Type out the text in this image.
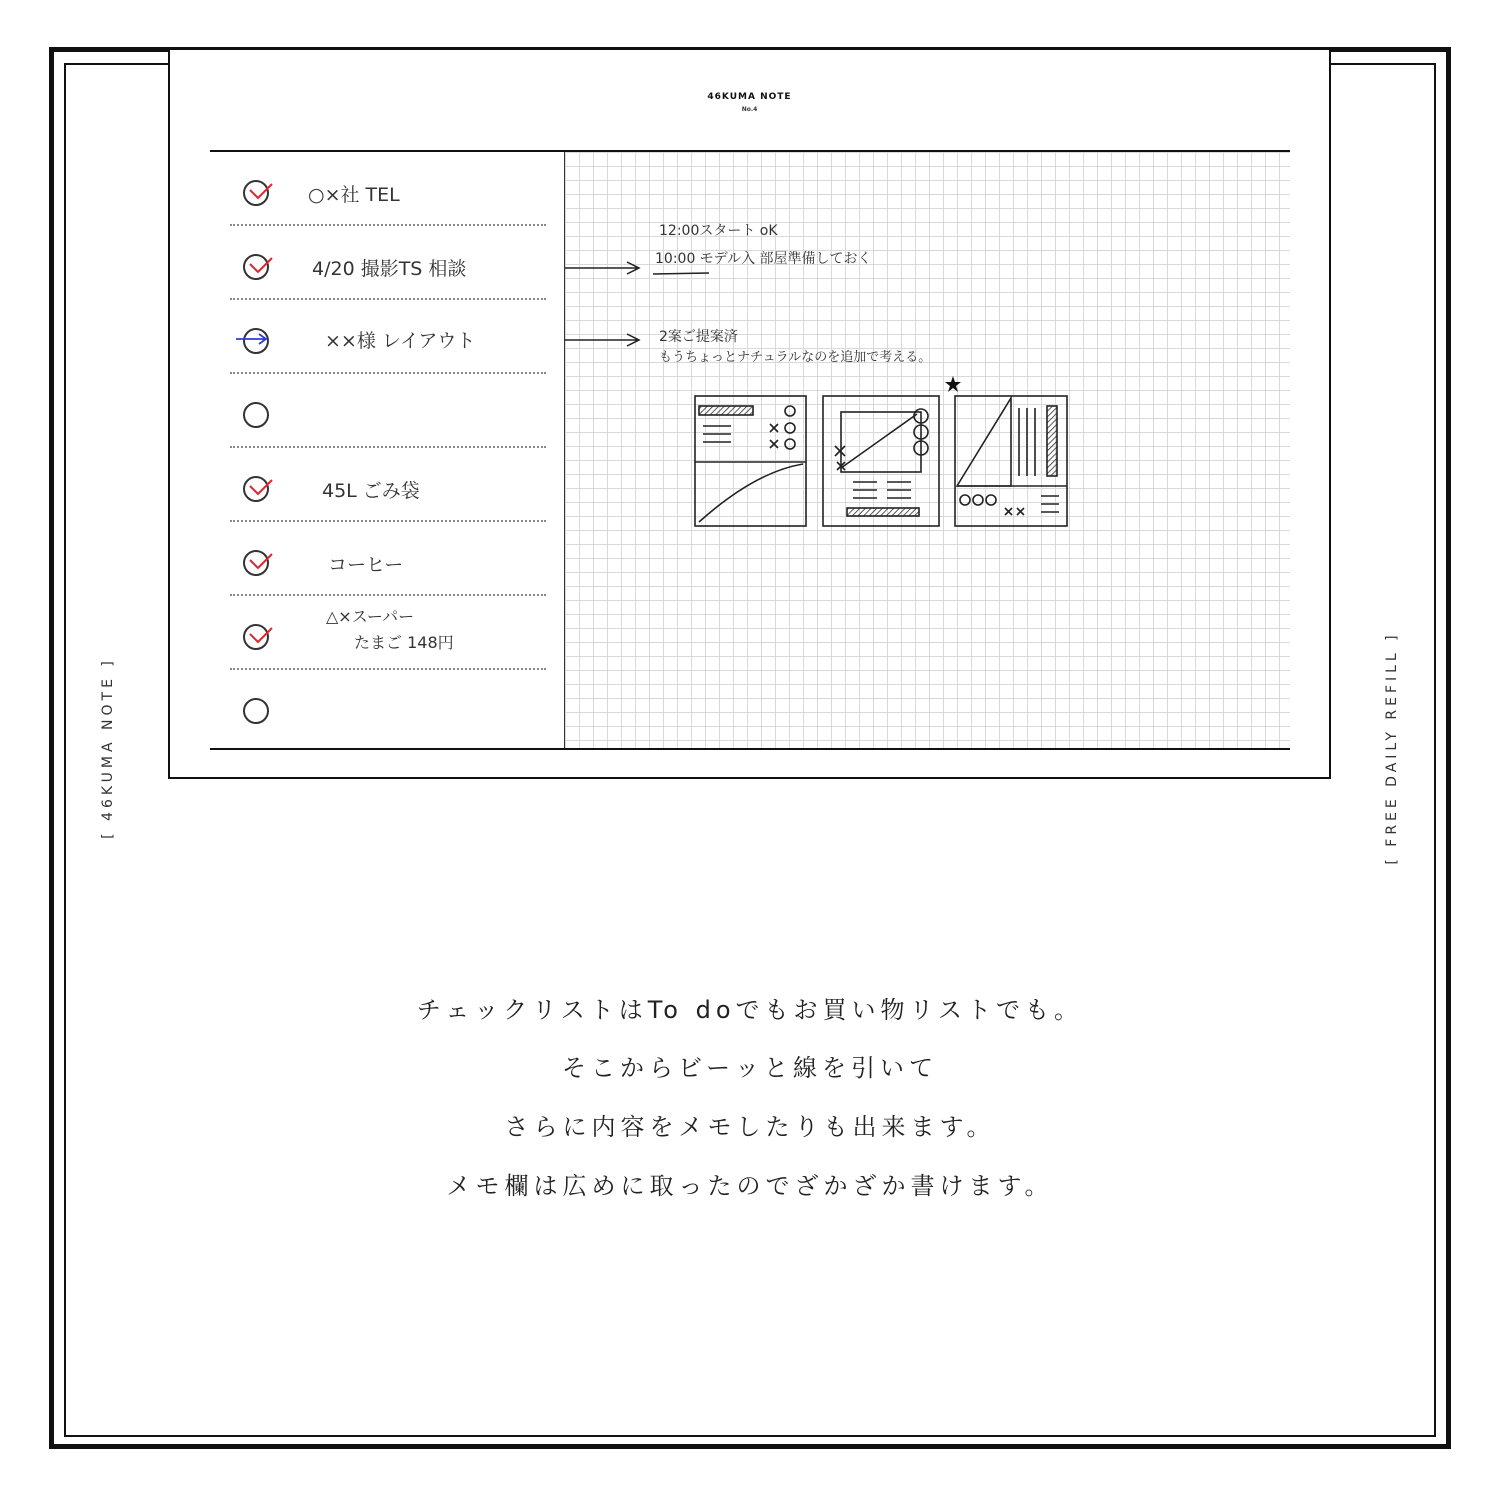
[ 46KUMA NOTE ]	[ FREE DAILY REFILL ]
46KUMA NOTE
No.4
○×社 TEL
4/20 撮影TS 相談
××様 レイアウト
45L ごみ袋
コーヒー
△×スーパー
たまご 148円
12:00スタート oK
10:00 モデル入 部屋準備しておく
2案ご提案済
もうちょっとナチュラルなのを追加で考える。
チェックリストはTo doでもお買い物リストでも。
そこからビーッと線を引いて
さらに内容をメモしたりも出来ます。
メモ欄は広めに取ったのでざかざか書けます。
